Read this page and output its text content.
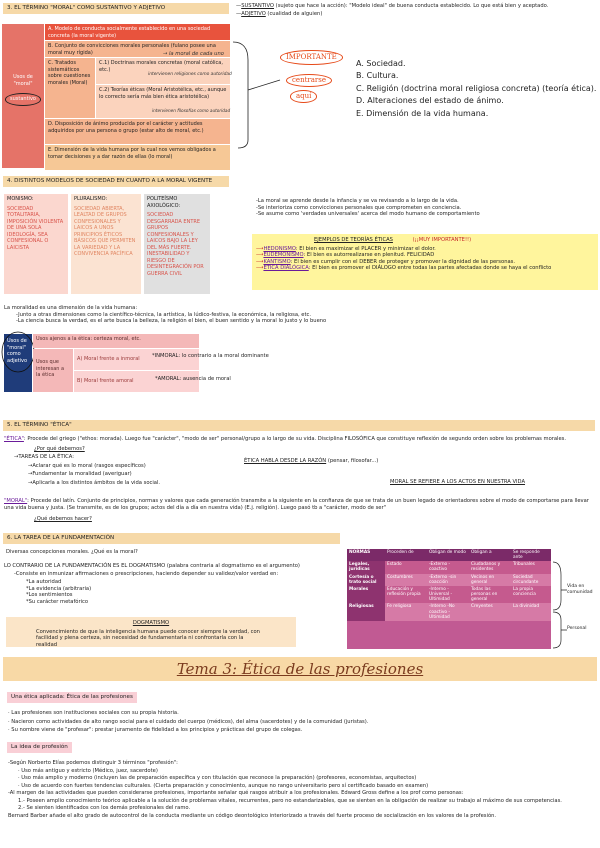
3. EL TÉRMINO "MORAL" COMO SUSTANTIVO Y ADJETIVO	—SUSTANTIVO (sujeto que hace la acción): "Modelo ideal" de buena conducta establecido. Lo que está bien y aceptado.
—ADJETIVO (cualidad de alguien)
Usos de "moral"
sustantivo
A. Modelo de conducta socialmente establecido en una sociedad concreta (la moral vigente)
B. Conjunto de convicciones morales personales (fulano posee una moral muy rígida)	→ la moral de cada uno
C. Tratados sistemáticos sobre cuestiones morales (Moral)
C.1) Doctrinas morales concretas (moral católica, etc.)
intervienen religiones como autoridad
C.2) Teorías éticas (Moral Aristotélica, etc., aunque lo correcto sería más bien ética aristotélica)
intervienen filosofías como autoridad
D. Disposición de ánimo producida por el carácter y actitudes adquiridos por una persona o grupo (estar alto de moral, etc.)
E. Dimensión de la vida humana por la cual nos vemos obligados a tomar decisiones y a dar razón de ellas (lo moral)
IMPORTANTE
centrarse
aquí
A. Sociedad.
B. Cultura.
C. Religión (doctrina moral religiosa concreta) (teoría ética).
D. Alteraciones del estado de ánimo.
E. Dimensión de la vida humana.
4. DISTINTOS MODELOS DE SOCIEDAD EN CUANTO A LA MORAL VIGENTE
MONISMO:
SOCIEDAD TOTALITARIA, IMPOSICIÓN VIOLENTA DE UNA SOLA IDEOLOGÍA, SEA CONFESIONAL O LAICISTA
PLURALISMO:
SOCIEDAD ABIERTA, LEALTAD DE GRUPOS CONFESIONALES Y LAICOS A UNOS PRINCIPIOS ÉTICOS BÁSICOS QUE PERMITEN LA VARIEDAD Y LA CONVIVENCIA PACÍFICA
POLITEÍSMO AXIOLÓGICO:
SOCIEDAD DESGARRADA ENTRE GRUPOS CONFESIONALES Y LAICOS BAJO LA LEY DEL MÁS FUERTE. INESTABILIDAD Y RIESGO DE DESINTEGRACIÓN POR GUERRA CIVIL
-La moral se aprende desde la infancia y se va revisando a lo largo de la vida.
-Se interioriza como convicciones personales que comprometen en conciencia.
-Se asume como 'verdades universales' acerca del modo humano de comportamiento
EJEMPLOS DE TEORÍAS ÉTICAS	(¡¡MUY IMPORTANTE!!)
⟶HEDONISMO: El bien es maximizar el PLACER y minimizar el dolor.
⟶EUDEMONISMO: El bien es autorrealizarse en plenitud. FELICIDAD
⟶KANTISMO: El bien es cumplir con el DEBER de proteger y promover la dignidad de las personas.
⟶ÉTICA DIALÓGICA: El bien es promover el DIÁLOGO entre todas las partes afectadas donde se haya el conflicto
La moralidad es una dimensión de la vida humana:
-Junto a otras dimensiones como la científico-técnica, la artística, la lúdico-festiva, la económica, la religiosa, etc.
-La ciencia busca la verdad, es el arte busca la belleza, la religión el bien, el buen sentido y la moral lo justo y lo bueno
Usos de "moral" como adjetivo
Usos ajenos a la ética: certeza moral, etc.
Usos que interesan a la ética
A) Moral frente a inmoral
B) Moral frente amoral
*INMORAL: lo contrario a la moral dominante
*AMORAL: ausencia de moral
5. EL TÉRMINO "ÉTICA"
"ÉTICA": Procede del griego ("ethos: morada). Luego fue "carácter", "modo de ser" personal/grupo a lo largo de su vida. Disciplina FILOSÓFICA que constituye reflexión de segundo orden sobre los problemas morales.
¿Por qué debemos?
→TAREAS DE LA ÉTICA:
→Aclarar qué es lo moral (rasgos específicos)
→Fundamentar la moralidad (averiguar)
→Aplicarla a los distintos ámbitos de la vida social.
ÉTICA HABLA DESDE LA RAZÓN (pensar, filosofar...)
MORAL SE REFIERE A LOS ACTOS EN NUESTRA VIDA
"MORAL": Procede del latín. Conjunto de principios, normas y valores que cada generación transmite a la siguiente en la confianza de que se trata de un buen legado de orientadores sobre el modo de comportarse para llevar una vida buena y justa. (Se transmite, es de los grupos; actos del día a día en nuestra vida) (E.j. religión). Luego pasó tb a "carácter, modo de ser"
¿Qué debemos hacer?
6. LA TAREA DE LA FUNDAMENTACIÓN
Diversas concepciones morales. ¿Qué es la moral?
LO CONTRARIO DE LA FUNDAMENTACIÓN ES EL DOGMATISMO (palabra contraria al dogmatismo es el argumento)
-Consiste en inmunizar afirmaciones o prescripciones, haciendo depender su validez/valor verdad en:
*La autoridad
*La evidencia (arbitraria)
*Los sentimientos
*Su carácter metafórico
DOGMATISMO
Convencimiento de que la inteligencia humana puede conocer siempre la verdad, con facilidad y plena certeza, sin necesidad de fundamentarla ni confrontarla con la realidad
NORMAS	Proceden de	Obligan de modo	Obligan a	Se responde ante
Legales, jurídicas	Estado	-Externo -coactivo	Ciudadanos y residentes	Tribunales
Cortesía o trato social	Costumbres	-Externo -sin coacción	Vecinos en general	Sociedad circundante
Morales	Educación y reflexión propia	-Interno -Universal -Ultimidad	Todas las personas en general	La propia conciencia
Religiosas	Fe religiosa	-Interno -No coactivo -Ultimidad	Creyentes	La divinidad
Vida en comunidad
Personal
Tema 3: Ética de las profesiones
Una ética aplicada: Ética de las profesiones
· Las profesiones son instituciones sociales con su propia historia.
· Nacieron como actividades de alto rango social para el cuidado del cuerpo (médicos), del alma (sacerdotes) y de la comunidad (juristas).
· Su nombre viene de "profesar": prestar juramento de fidelidad a los principios y prácticas del grupo de colegas.
La idea de profesión
-Según Norberto Elías podemos distinguir 3 términos "profesión":
· Uso más antiguo y estricto (Médico, juez, sacerdote)
· Uso más amplio y moderno (incluyen las de preparación específica y con titulación que reconoce la preparación) (profesores, economistas, arquitectos)
· Uso de acuerdo con fuertes tendencias culturales. (Cierta preparación y conocimiento, aunque no rango universitario pero sí certificado basado en examen)
-Al margen de las actividades que pueden considerarse profesiones, importante señalar qué rasgos atribuir a los profesionales. Edward Gross define a los prof como personas:
1.- Poseen amplio conocimiento teórico aplicable a la solución de problemas vitales, recurrentes, pero no estandarizables, que se sienten en la obligación de realizar su trabajo al máximo de sus competencias.
2.- Se sienten identificados con los demás profesionales del ramo.
Bernard Barber añade el alto grado de autocontrol de la conducta mediante un código deontológico interiorizado a través del fuerte proceso de socialización en los valores de la profesión.
